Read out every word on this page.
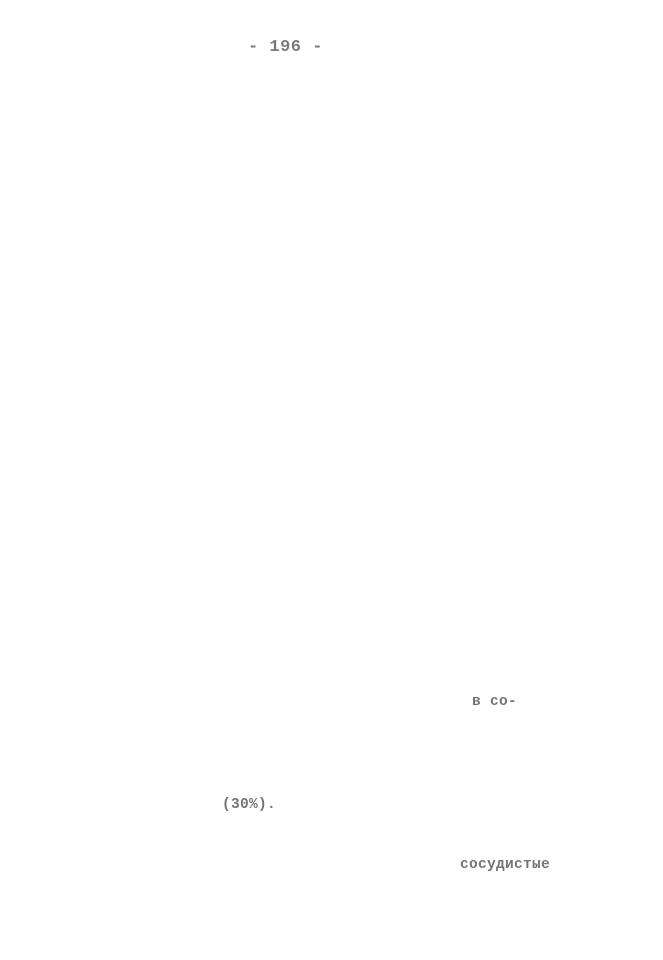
- 196 -
в со-
(30%).
сосудистые
